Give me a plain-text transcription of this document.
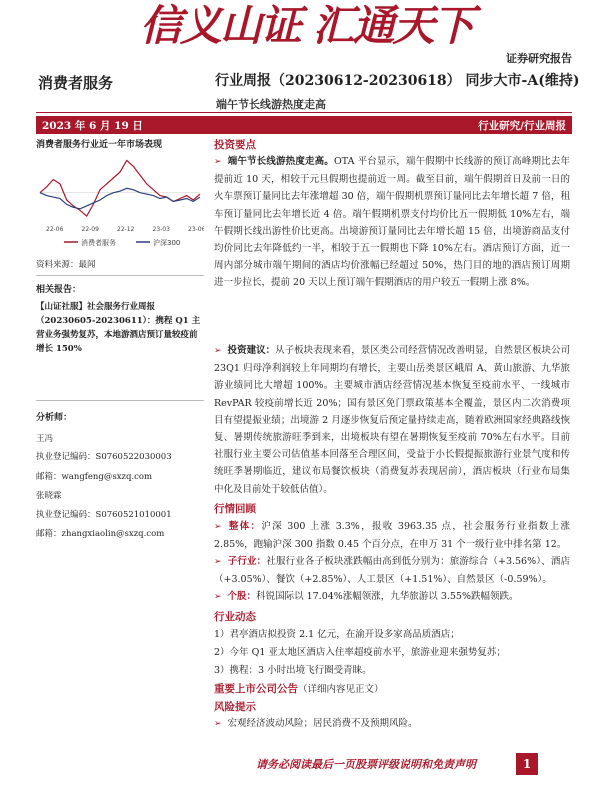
信义山证 汇通天下
证券研究报告
消费者服务	行业周报（20230612-20230618） 同步大市-A(维持)
端午节长线游热度走高
2023 年 6 月 19 日	行业研究/行业周报
消费者服务行业近一年市场表现
22-06	22-09	22-12	23-03	23-06
消费者服务	沪深300
资料来源：最闻
相关报告：
【山证社服】社会服务行业周报（20230605-20230611）：携程 Q1 主营业务强势复苏，本地游酒店预订量较疫前增长 150%
分析师：
王冯
执业登记编码：S0760522030003
邮箱：wangfeng@sxzq.com
张晓霖
执业登记编码：S0760521010001
邮箱：zhangxiaolin@sxzq.com
投资要点
➢ 端午节长线游热度走高。OTA 平台显示，端午假期中长线游的预订高峰期比去年提前近 10 天，相较于元旦假期也提前近一周。截至目前，端午假期首日及前一日的火车票预订量同比去年涨增超 30 倍，端午假期机票预订量同比去年增长超 7 倍，租车预订量同比去年增长近 4 倍。端午假期机票支付均价比五一假期低 10%左右，端午假期长线出游性价比更高。出境游预订量同比去年增长超 15 倍，出境游商品支付均价同比去年降低约一半，相较于五一假期也下降 10%左右。酒店预订方面，近一周内部分城市端午期间的酒店均价涨幅已经超过 50%，热门目的地的酒店预订周期进一步拉长，提前 20 天以上预订端午假期酒店的用户较五一假期上涨 8%。
➢ 投资建议：从子板块表现来看，景区类公司经营情况改善明显，自然景区板块公司 23Q1 归母净利润较上年同期均有增长，主要山岳类景区峨眉 A、黄山旅游、九华旅游业绩同比大增超 100%。主要城市酒店经营情况基本恢复至疫前水平、一线城市 RevPAR 较疫前增长近 20%；国有景区免门票政策基本全覆盖，景区内二次消费项目有望提振业绩；出境游 2 月逐步恢复后预定量持续走高，随着欧洲国家经典路线恢复、暑期传统旅游旺季到来，出境板块有望在暑期恢复至疫前 70%左右水平。目前社服行业主要公司估值基本回落至合理区间，受益于小长假提振旅游行业景气度和传统旺季暑期临近，建议布局餐饮板块（消费复苏表现居前），酒店板块（行业布局集中化及目前处于较低估值）。
行情回顾
➢ 整体：沪深 300 上涨 3.3%，报收 3963.35 点，社会服务行业指数上涨 2.85%，跑输沪深 300 指数 0.45 个百分点，在申万 31 个一级行业中排名第 12。
➢ 子行业：社服行业各子板块涨跌幅由高到低分别为：旅游综合（+3.56%）、酒店（+3.05%）、餐饮（+2.85%）、人工景区（+1.51%）、自然景区（-0.59%）。
➢ 个股：科锐国际以 17.04%涨幅领涨，九华旅游以 3.55%跌幅领跌。
行业动态
1）君亭酒店拟投资 2.1 亿元，在渝开设多家高品质酒店；
2）今年 Q1 亚太地区酒店入住率超疫前水平，旅游业迎来强势复苏；
3）携程：3 小时出境飞行圈受青睐。
重要上市公司公告（详细内容见正文）
风险提示
➢ 宏观经济波动风险；居民消费不及预期风险。
请务必阅读最后一页股票评级说明和免责声明	1
